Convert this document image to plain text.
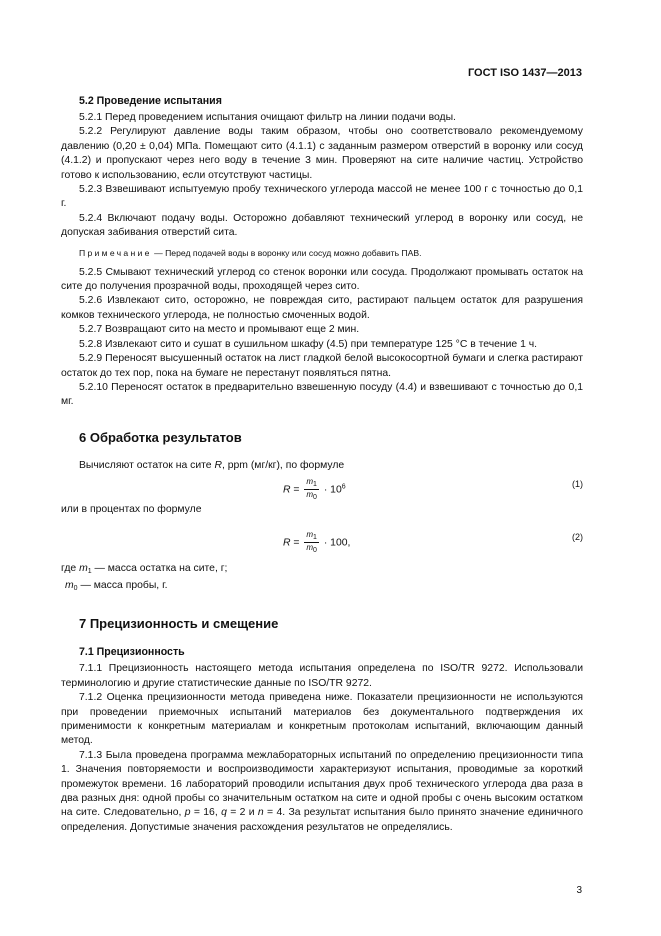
ГОСТ ISO 1437—2013

5.2 Проведение испытания

5.2.1 Перед проведением испытания очищают фильтр на линии подачи воды.

5.2.2 Регулируют давление воды таким образом, чтобы оно соответствовало рекомендуемому давлению (0,20 ± 0,04) МПа. Помещают сито (4.1.1) с заданным размером отверстий в воронку или сосуд (4.1.2) и пропускают через него воду в течение 3 мин. Проверяют на сите наличие частиц. Устройство готово к использованию, если отсутствуют частицы.

5.2.3 Взвешивают испытуемую пробу технического углерода массой не менее 100 г с точностью до 0,1 г.

5.2.4 Включают подачу воды. Осторожно добавляют технический углерод в воронку или сосуд, не допуская забивания отверстий сита.

Примечание — Перед подачей воды в воронку или сосуд можно добавить ПАВ.

5.2.5 Смывают технический углерод со стенок воронки или сосуда. Продолжают промывать остаток на сите до получения прозрачной воды, проходящей через сито.

5.2.6 Извлекают сито, осторожно, не повреждая сито, растирают пальцем остаток для разрушения комков технического углерода, не полностью смоченных водой.

5.2.7 Возвращают сито на место и промывают еще 2 мин.

5.2.8 Извлекают сито и сушат в сушильном шкафу (4.5) при температуре 125 °C в течение 1 ч.

5.2.9 Переносят высушенный остаток на лист гладкой белой высокосортной бумаги и слегка растирают остаток до тех пор, пока на бумаге не перестанут появляться пятна.

5.2.10 Переносят остаток в предварительно взвешенную посуду (4.4) и взвешивают с точностью до 0,1 мг.

6 Обработка результатов

Вычисляют остаток на сите R, ppm (мг/кг), по формуле

$R = \frac{m_1}{m_0} \cdot 10^6$	(1)

или в процентах по формуле

$R = \frac{m_1}{m_0} \cdot 100$,
(2)

где $m_1$ — масса остатка на сите, г;

$m_0$ — масса пробы, г.

7 Прецизионность и смещение

7.1 Прецизионность

7.1.1 Прецизионность настоящего метода испытания определена по ISO/TR 9272. Использовали терминологию и другие статистические данные по ISO/TR 9272.

7.1.2 Оценка прецизионности метода приведена ниже. Показатели прецизионности не используются при проведении приемочных испытаний материалов без документального подтверждения их применимости к конкретным материалам и конкретным протоколам испытаний, включающим данный метод.

7.1.3 Была проведена программа межлабораторных испытаний по определению прецизионности типа 1. Значения повторяемости и воспроизводимости характеризуют испытания, проводимые за короткий промежуток времени. 16 лабораторий проводили испытания двух проб технического углерода два раза в два разных дня: одной пробы со значительным остатком на сите и одной пробы с очень высоким остатком на сите. Следовательно, p = 16, q = 2 и n = 4. За результат испытания было принято значение единичного определения. Допустимые значения расхождения результатов не определялись.

3
